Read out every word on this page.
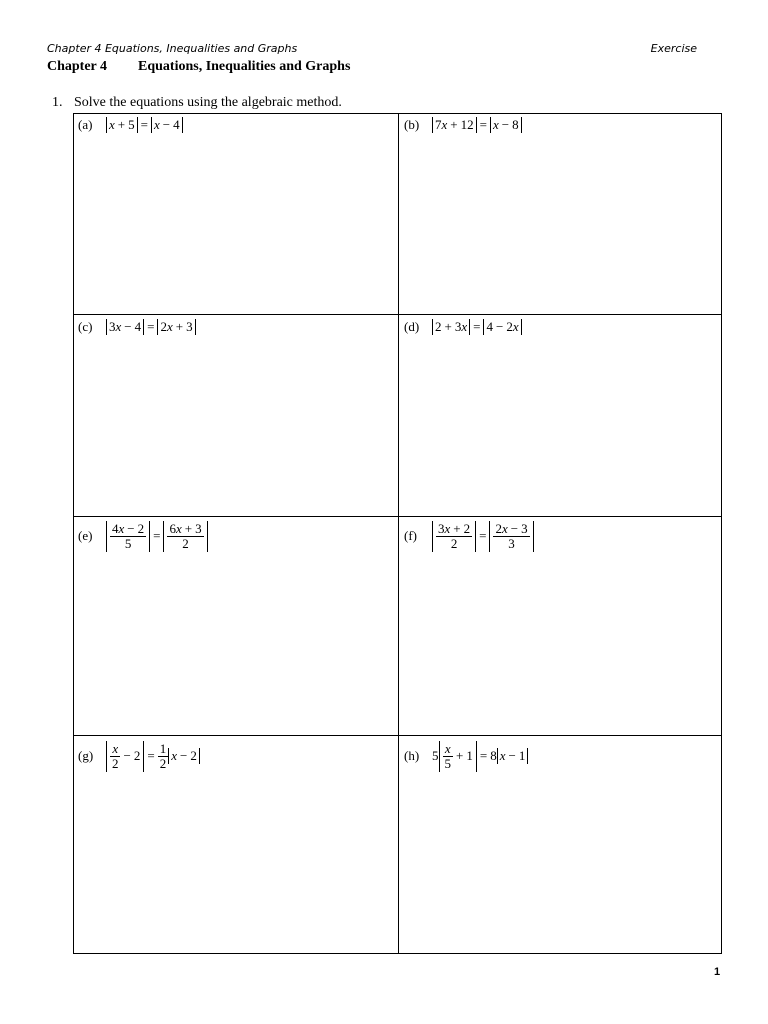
Chapter 4 Equations, Inequalities and Graphs	Exercise
Chapter 4 Equations, Inequalities and Graphs
1. Solve the equations using the algebraic method.
(a)	x + 5 = x − 4	(b)	7 x + 12 = x − 8
(c)	3 x − 4 = 2 x + 3	(d)	2 + 3 x = 4 − 2 x
(e)	$\frac{4x - 2}{5} = \frac{6x + 3}{2}$	(f)	$\frac{3x + 2}{2} = \frac{2x - 3}{3}$
(g)	$\frac{x}{2} - 2 = \frac{1}{2}$ x − 2	(h) $5 \frac{x}{5} + 1 = 8$ x − 1
1
